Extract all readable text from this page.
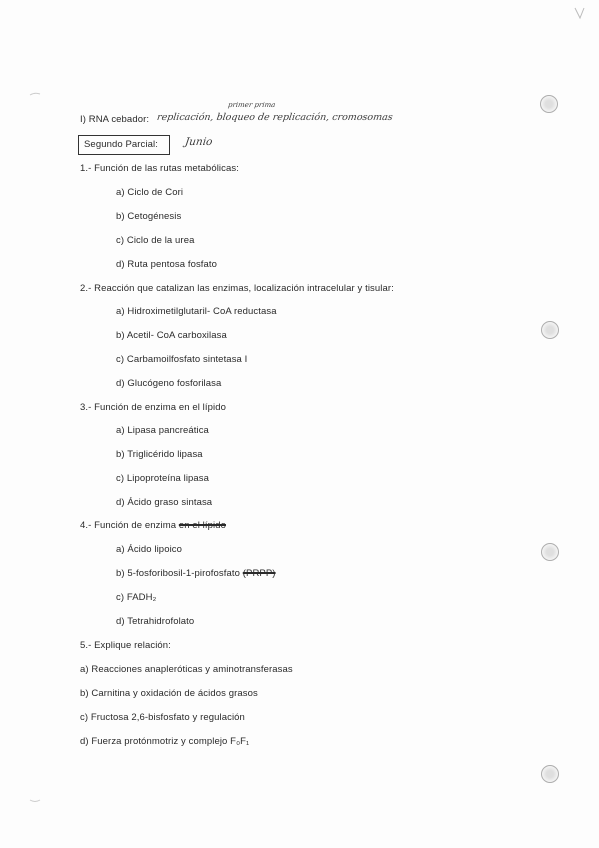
primer prima
I) RNA cebador: replicación, bloqueo de replicación, cromosomas
Segundo Parcial: Junio
1.- Función de las rutas metabólicas:
a) Ciclo de Cori
b) Cetogénesis
c) Ciclo de la urea
d) Ruta pentosa fosfato
2.- Reacción que catalizan las enzimas, localización intracelular y tisular:
a) Hidroximetilglutaril- CoA reductasa
b) Acetil- CoA carboxilasa
c) Carbamoilfosfato sintetasa I
d) Glucógeno fosforilasa
3.- Función de enzima en el lípido
a) Lipasa pancreática
b) Triglicérido lipasa
c) Lipoproteína lipasa
d) Ácido graso sintasa
4.- Función de enzima en el lípido
a) Ácido lipoico
b) 5-fosforibosil-1-pirofosfato (PRPP)
c) FADH₂
d) Tetrahidrofolato
5.- Explique relación:
a) Reacciones anapleróticas y aminotransferasas
b) Carnitina y oxidación de ácidos grasos
c) Fructosa 2,6-bisfosfato y regulación
d) Fuerza protónmotriz y complejo F₀F₁
